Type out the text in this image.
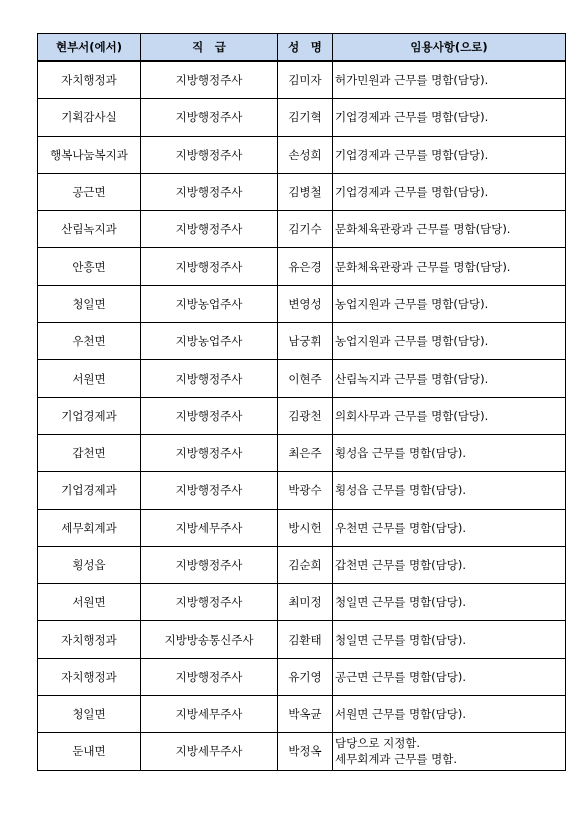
현부서(에서)	직　급	성　명	임용사항(으로)
자치행정과	지방행정주사	김미자	허가민원과 근무를 명함(담당).

기획감사실	지방행정주사	김기혁	기업경제과 근무를 명함(담당).

행복나눔복지과	지방행정주사	손성희	기업경제과 근무를 명함(담당).

공근면	지방행정주사	김병철	기업경제과 근무를 명함(담당).

산림녹지과	지방행정주사	김기수	문화체육관광과 근무를 명함(담당).

안흥면	지방행정주사	유은경	문화체육관광과 근무를 명함(담당).

청일면	지방농업주사	변영성	농업지원과 근무를 명함(담당).

우천면	지방농업주사	남궁휘	농업지원과 근무를 명함(담당).

서원면	지방행정주사	이현주	산림녹지과 근무를 명함(담당).

기업경제과	지방행정주사	김광천	의회사무과 근무를 명함(담당).

갑천면	지방행정주사	최은주	횡성읍 근무를 명함(담당).

기업경제과	지방행정주사	박광수	횡성읍 근무를 명함(담당).

세무회계과	지방세무주사	방시헌	우천면 근무를 명함(담당).

횡성읍	지방행정주사	김순희	갑천면 근무를 명함(담당).

서원면	지방행정주사	최미정	청일면 근무를 명함(담당).

자치행정과	지방방송통신주사	김환태	청일면 근무를 명함(담당).

자치행정과	지방행정주사	유기영	공근면 근무를 명함(담당).

청일면	지방세무주사	박옥균	서원면 근무를 명함(담당).

둔내면	지방세무주사	박정옥	담당으로 지정함.
세무회계과 근무를 명함.
